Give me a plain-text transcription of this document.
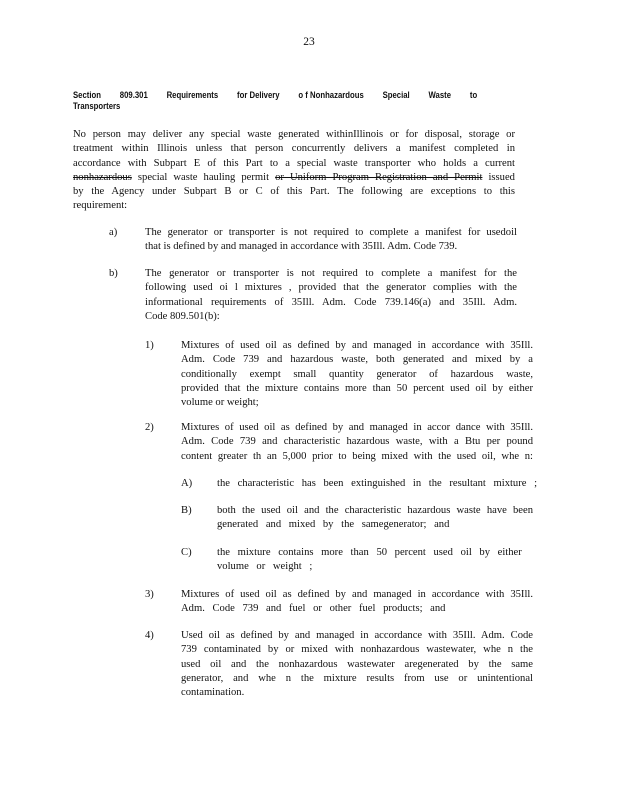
23
Section 809.301 Requirements for Delivery o f Nonhazardous Special Waste to
Transporters
No person may deliver any special waste generated withinIllinois or for disposal, storage or
treatment within Illinois unless that person concurrently delivers a manifest completed in
accordance with Subpart E of this Part to a special waste transporter who holds a current
nonhazardous special waste hauling permit or Uniform Program Registration and Permit issued
by the Agency under Subpart B or C of this Part. The following are exceptions to this
requirement:
a)	The generator or transporter is not required to complete a manifest for usedoil
that is defined by and managed in accordance with 35Ill. Adm. Code 739.
b)	The generator or transporter is not required to complete a manifest for the
following used oi l mixtures , provided that the generator complies with the
informational requirements of 35Ill. Adm. Code 739.146(a) and 35Ill. Adm.
Code 809.501(b):
1)	Mixtures of used oil as defined by and managed in accordance with 35Ill.
Adm. Code 739 and hazardous waste, both generated and mixed by a
conditionally exempt small quantity generator of hazardous waste,
provided that the mixture contains more than 50 percent used oil by either
volume or weight;
2)	Mixtures of used oil as defined by and managed in accor dance with 35Ill.
Adm. Code 739 and characteristic hazardous waste, with a Btu per pound
content greater th an 5,000 prior to being mixed with the used oil, whe n:
A) the characteristic has been extinguished in the resultant mixture ;
B) both the used oil and the characteristic hazardous waste have been
generated and mixed by the samegenerator; and
C) the mixture contains more than 50 percent used oil by either
volume or weight ;
3)	Mixtures of used oil as defined by and managed in accordance with 35Ill.
Adm. Code 739 and fuel or other fuel products; and
4)	Used oil as defined by and managed in accordance with 35Ill. Adm. Code
739 contaminated by or mixed with nonhazardous wastewater, whe n the
used oil and the nonhazardous wastewater aregenerated by the same
generator, and whe n the mixture results from use or unintentional
contamination.
